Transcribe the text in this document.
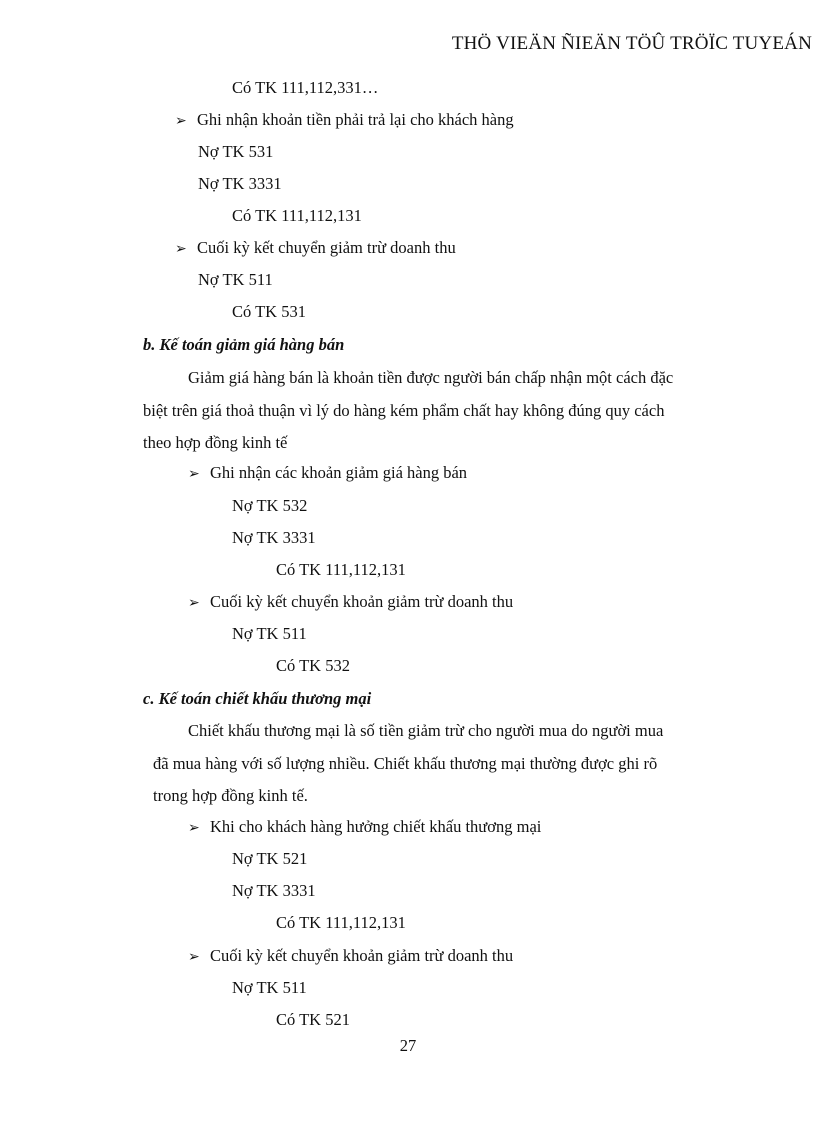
THÖ VIEÄN ÑIEÄN TÖÛ TRÖÏC TUYEÁN
Có TK 111,112,331…
➢ Ghi nhận khoản tiền phải trả lại cho khách hàng
Nợ TK 531
Nợ TK 3331
Có TK 111,112,131
➢ Cuối kỳ kết chuyển giảm trừ doanh thu
Nợ TK 511
Có TK 531
b. Kế toán giảm giá hàng bán
Giảm giá hàng bán là khoản tiền được người bán chấp nhận một cách đặc
biệt trên giá thoả thuận vì lý do hàng kém phẩm chất hay không đúng quy cách
theo hợp đồng kinh tế
➢ Ghi nhận các khoản giảm giá hàng bán
Nợ TK 532
Nợ TK 3331
Có TK 111,112,131
➢ Cuối kỳ kết chuyển khoản giảm trừ doanh thu
Nợ TK 511
Có TK 532
c. Kế toán chiết khấu thương mại
Chiết khấu thương mại là số tiền giảm trừ cho người mua do người mua
đã mua hàng với số lượng nhiều. Chiết khấu thương mại thường được ghi rõ
trong hợp đồng kinh tế.
➢ Khi cho khách hàng hưởng chiết khấu thương mại
Nợ TK 521
Nợ TK 3331
Có TK 111,112,131
➢ Cuối kỳ kết chuyển khoản giảm trừ doanh thu
Nợ TK 511
Có TK 521
27
